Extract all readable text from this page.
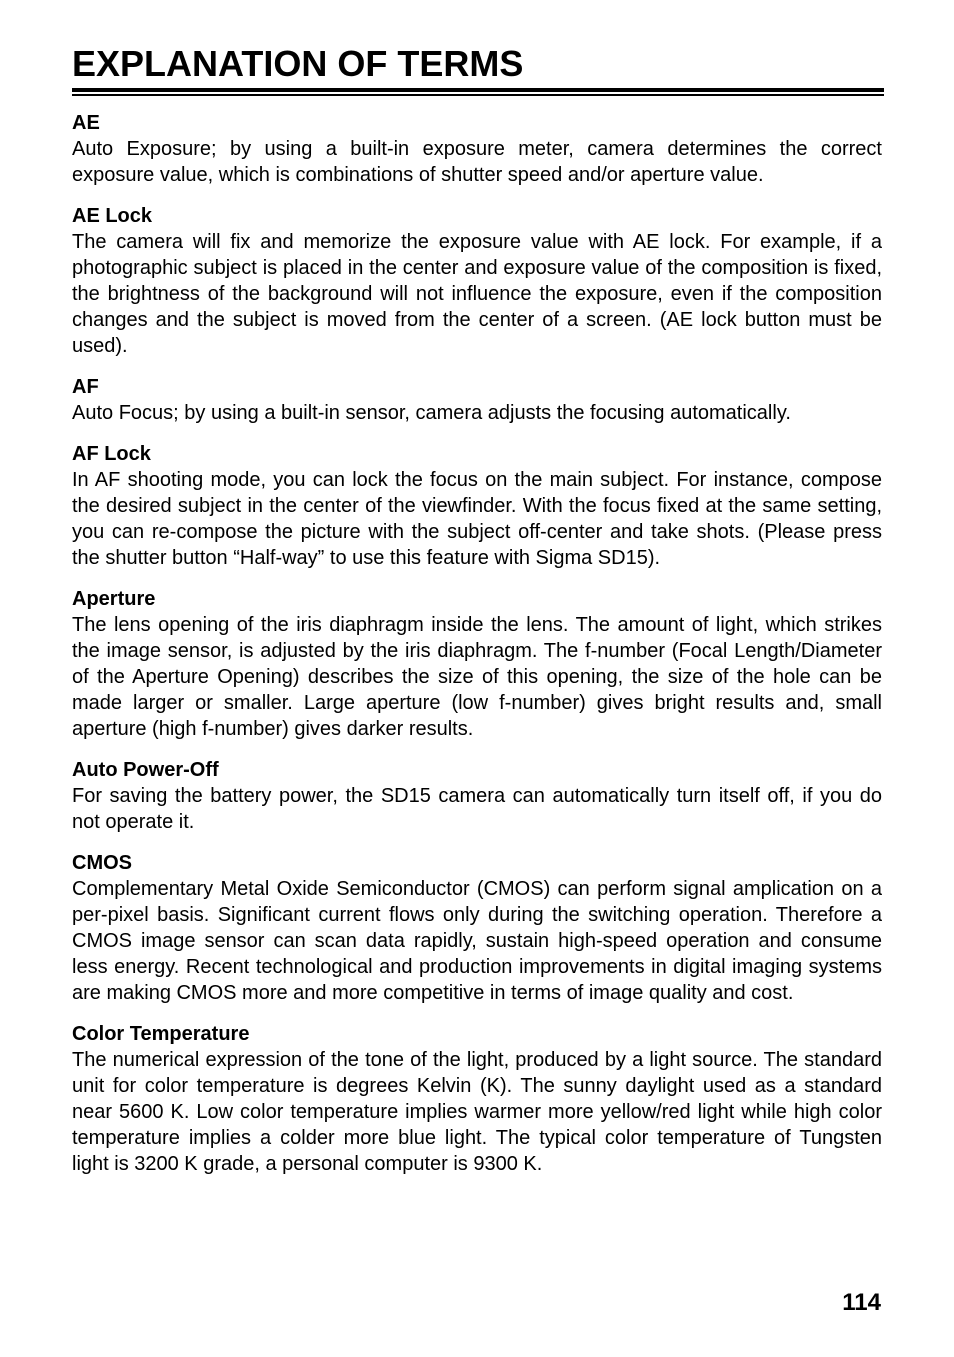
EXPLANATION OF TERMS
AE
Auto Exposure; by using a built-in exposure meter, camera determines the correct exposure value, which is combinations of shutter speed and/or aperture value.
AE Lock
The camera will fix and memorize the exposure value with AE lock. For example, if a photographic subject is placed in the center and exposure value of the composition is fixed, the brightness of the background will not influence the exposure, even if the composition changes and the subject is moved from the center of a screen. (AE lock button must be used).
AF
Auto Focus; by using a built-in sensor, camera adjusts the focusing automatically.
AF Lock
In AF shooting mode, you can lock the focus on the main subject. For instance, compose the desired subject in the center of the viewfinder. With the focus fixed at the same setting, you can re-compose the picture with the subject off-center and take shots. (Please press the shutter button “Half-way” to use this feature with Sigma SD15).
Aperture
The lens opening of the iris diaphragm inside the lens. The amount of light, which strikes the image sensor, is adjusted by the iris diaphragm. The f-number (Focal Length/Diameter of the Aperture Opening) describes the size of this opening, the size of the hole can be made larger or smaller. Large aperture (low f-number) gives bright results and, small aperture (high f-number) gives darker results.
Auto Power-Off
For saving the battery power, the SD15 camera can automatically turn itself off, if you do not operate it.
CMOS
Complementary Metal Oxide Semiconductor (CMOS) can perform signal amplication on a per-pixel basis. Significant current flows only during the switching operation. Therefore a CMOS image sensor can scan data rapidly, sustain high-speed operation and consume less energy. Recent technological and production improvements in digital imaging systems are making CMOS more and more competitive in terms of image quality and cost.
Color Temperature
The numerical expression of the tone of the light, produced by a light source. The standard unit for color temperature is degrees Kelvin (K). The sunny daylight used as a standard near 5600 K. Low color temperature implies warmer more yellow/red light while high color temperature implies a colder more blue light. The typical color temperature of Tungsten light is 3200 K grade, a personal computer is 9300 K.
114
